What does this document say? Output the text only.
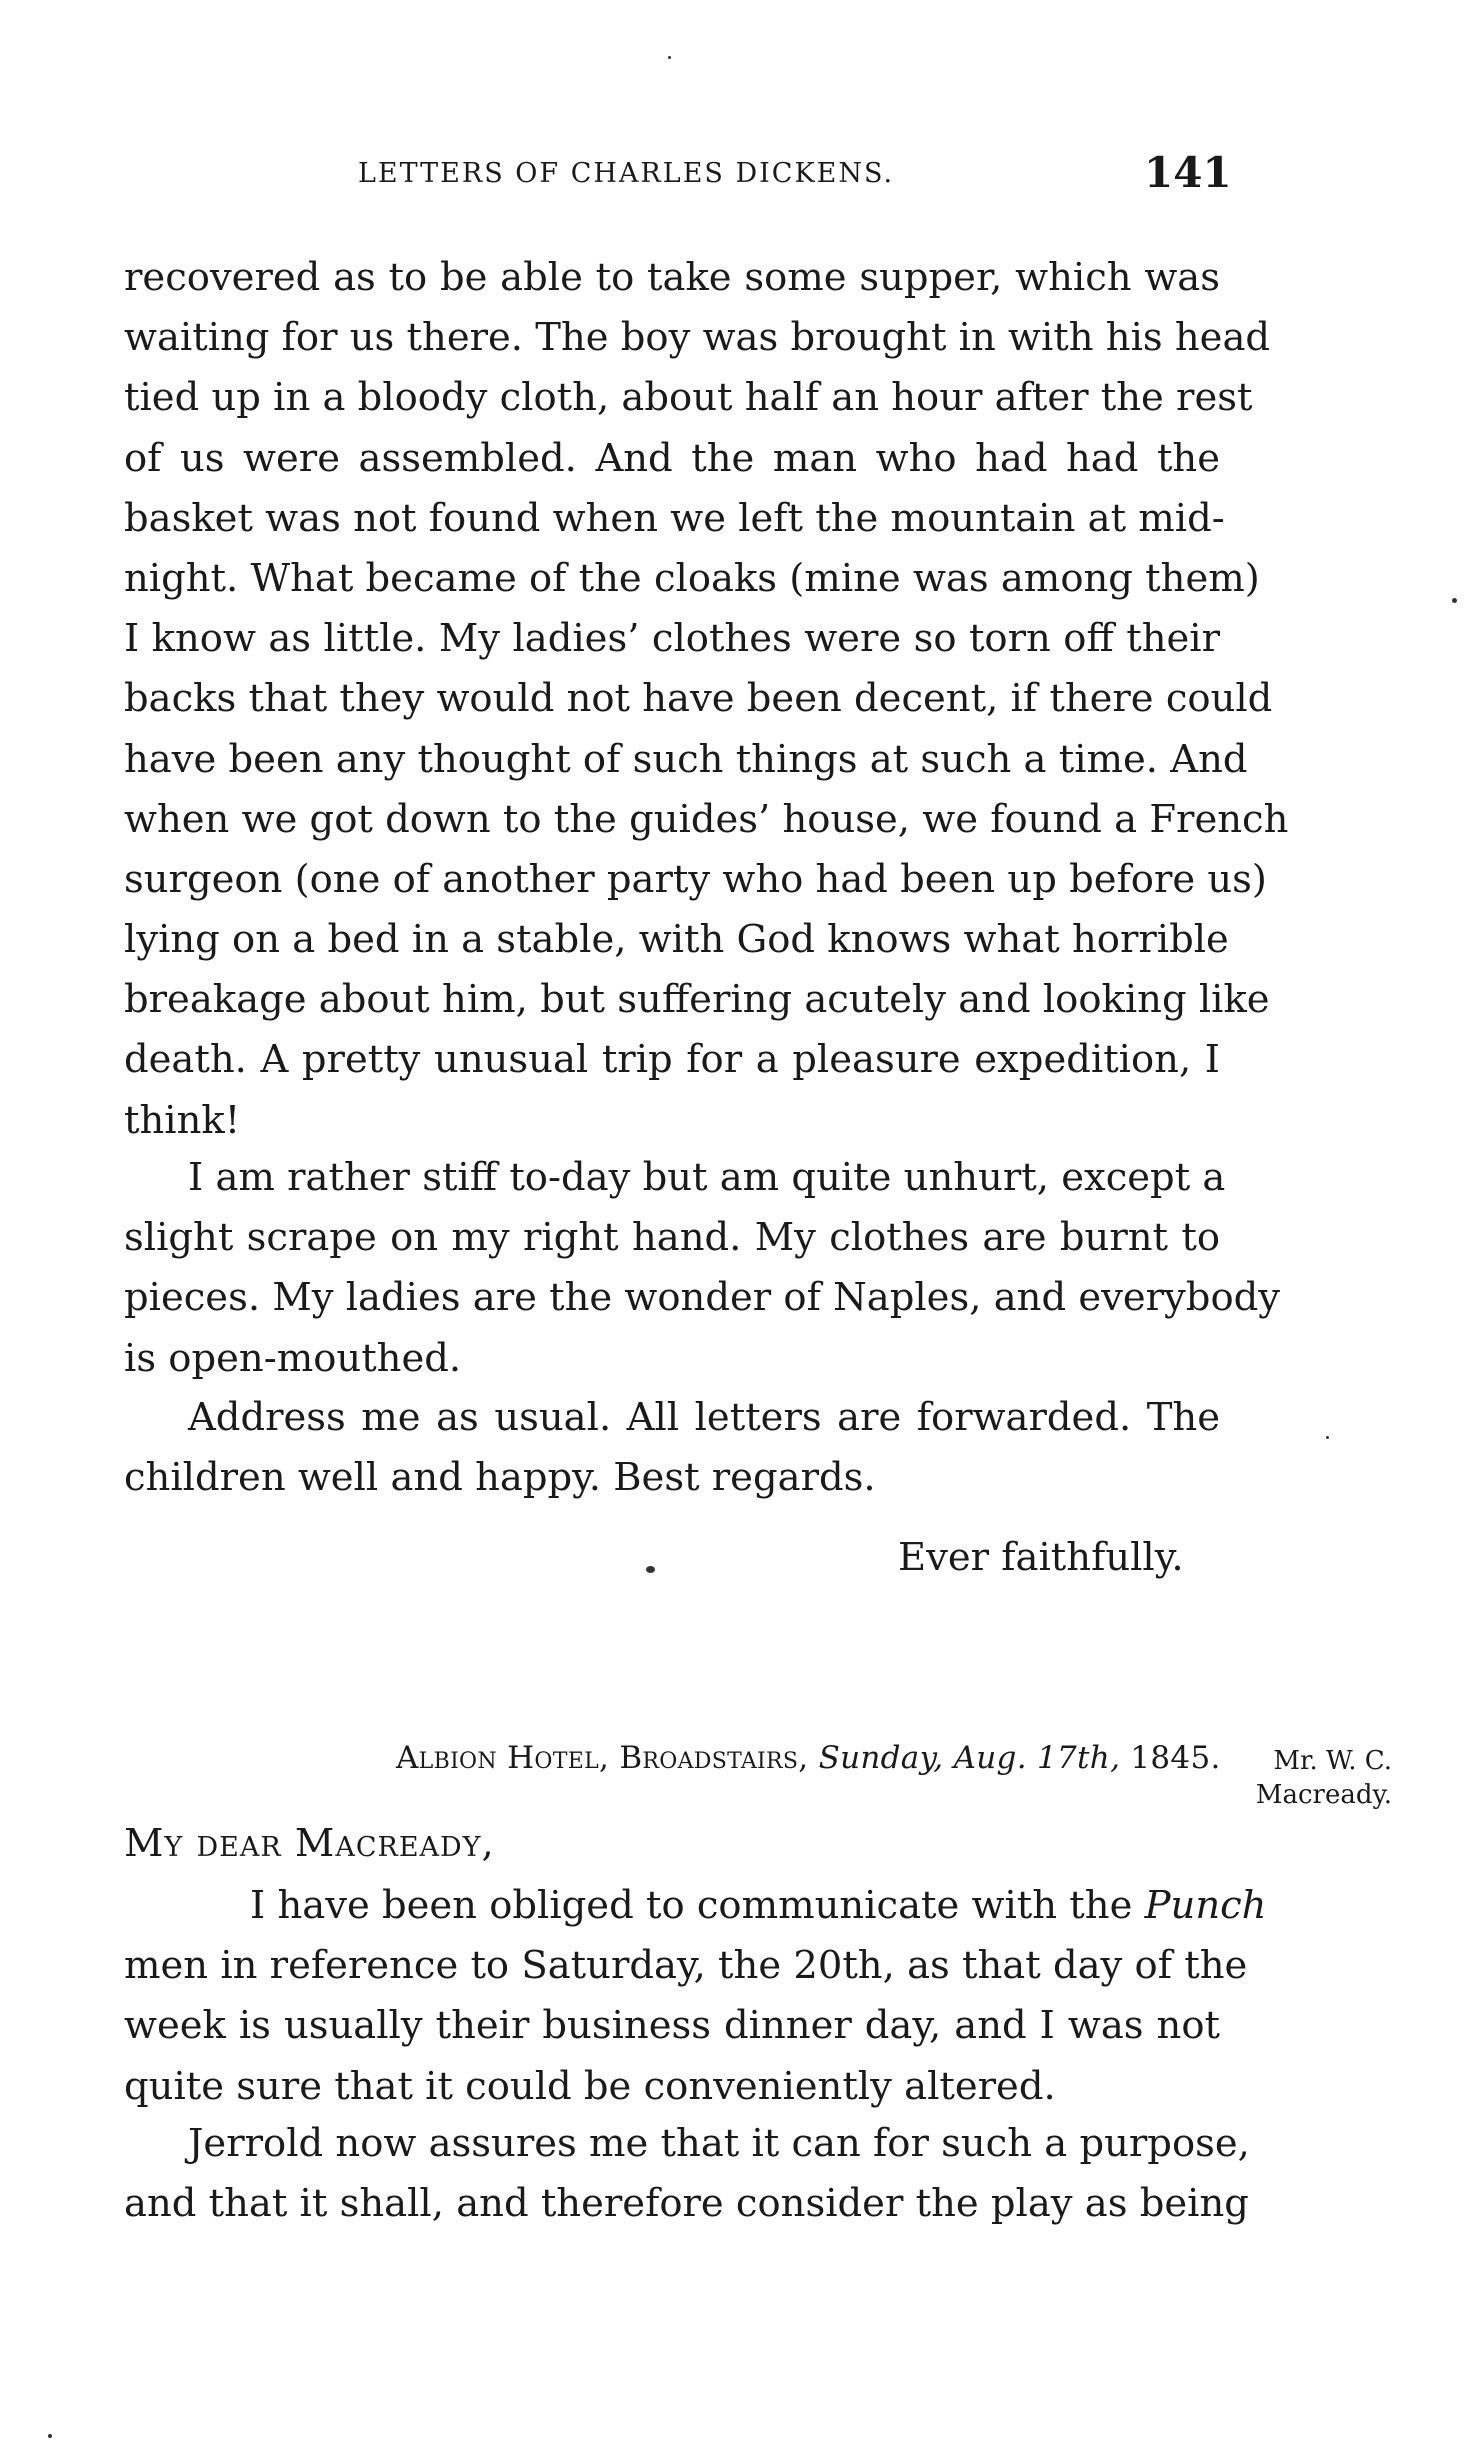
LETTERS OF CHARLES DICKENS.	141
recovered as to be able to take some supper, which was
waiting for us there. The boy was brought in with his head
tied up in a bloody cloth, about half an hour after the rest
of us were assembled. And the man who had had the
basket was not found when we left the mountain at mid-
night. What became of the cloaks (mine was among them)
I know as little. My ladies’ clothes were so torn off their
backs that they would not have been decent, if there could
have been any thought of such things at such a time. And
when we got down to the guides’ house, we found a French
surgeon (one of another party who had been up before us)
lying on a bed in a stable, with God knows what horrible
breakage about him, but suffering acutely and looking like
death. A pretty unusual trip for a pleasure expedition, I
think!
I am rather stiff to-day but am quite unhurt, except a
slight scrape on my right hand. My clothes are burnt to
pieces. My ladies are the wonder of Naples, and everybody
is open-mouthed.
Address me as usual. All letters are forwarded. The
children well and happy. Best regards.
Ever faithfully.
Albion Hotel, Broadstairs, Sunday, Aug. 17th, 1845.	Mr. W. C.
Macready.
My dear Macready,
I have been obliged to communicate with the Punch
men in reference to Saturday, the 20th, as that day of the
week is usually their business dinner day, and I was not
quite sure that it could be conveniently altered.
Jerrold now assures me that it can for such a purpose,
and that it shall, and therefore consider the play as being
